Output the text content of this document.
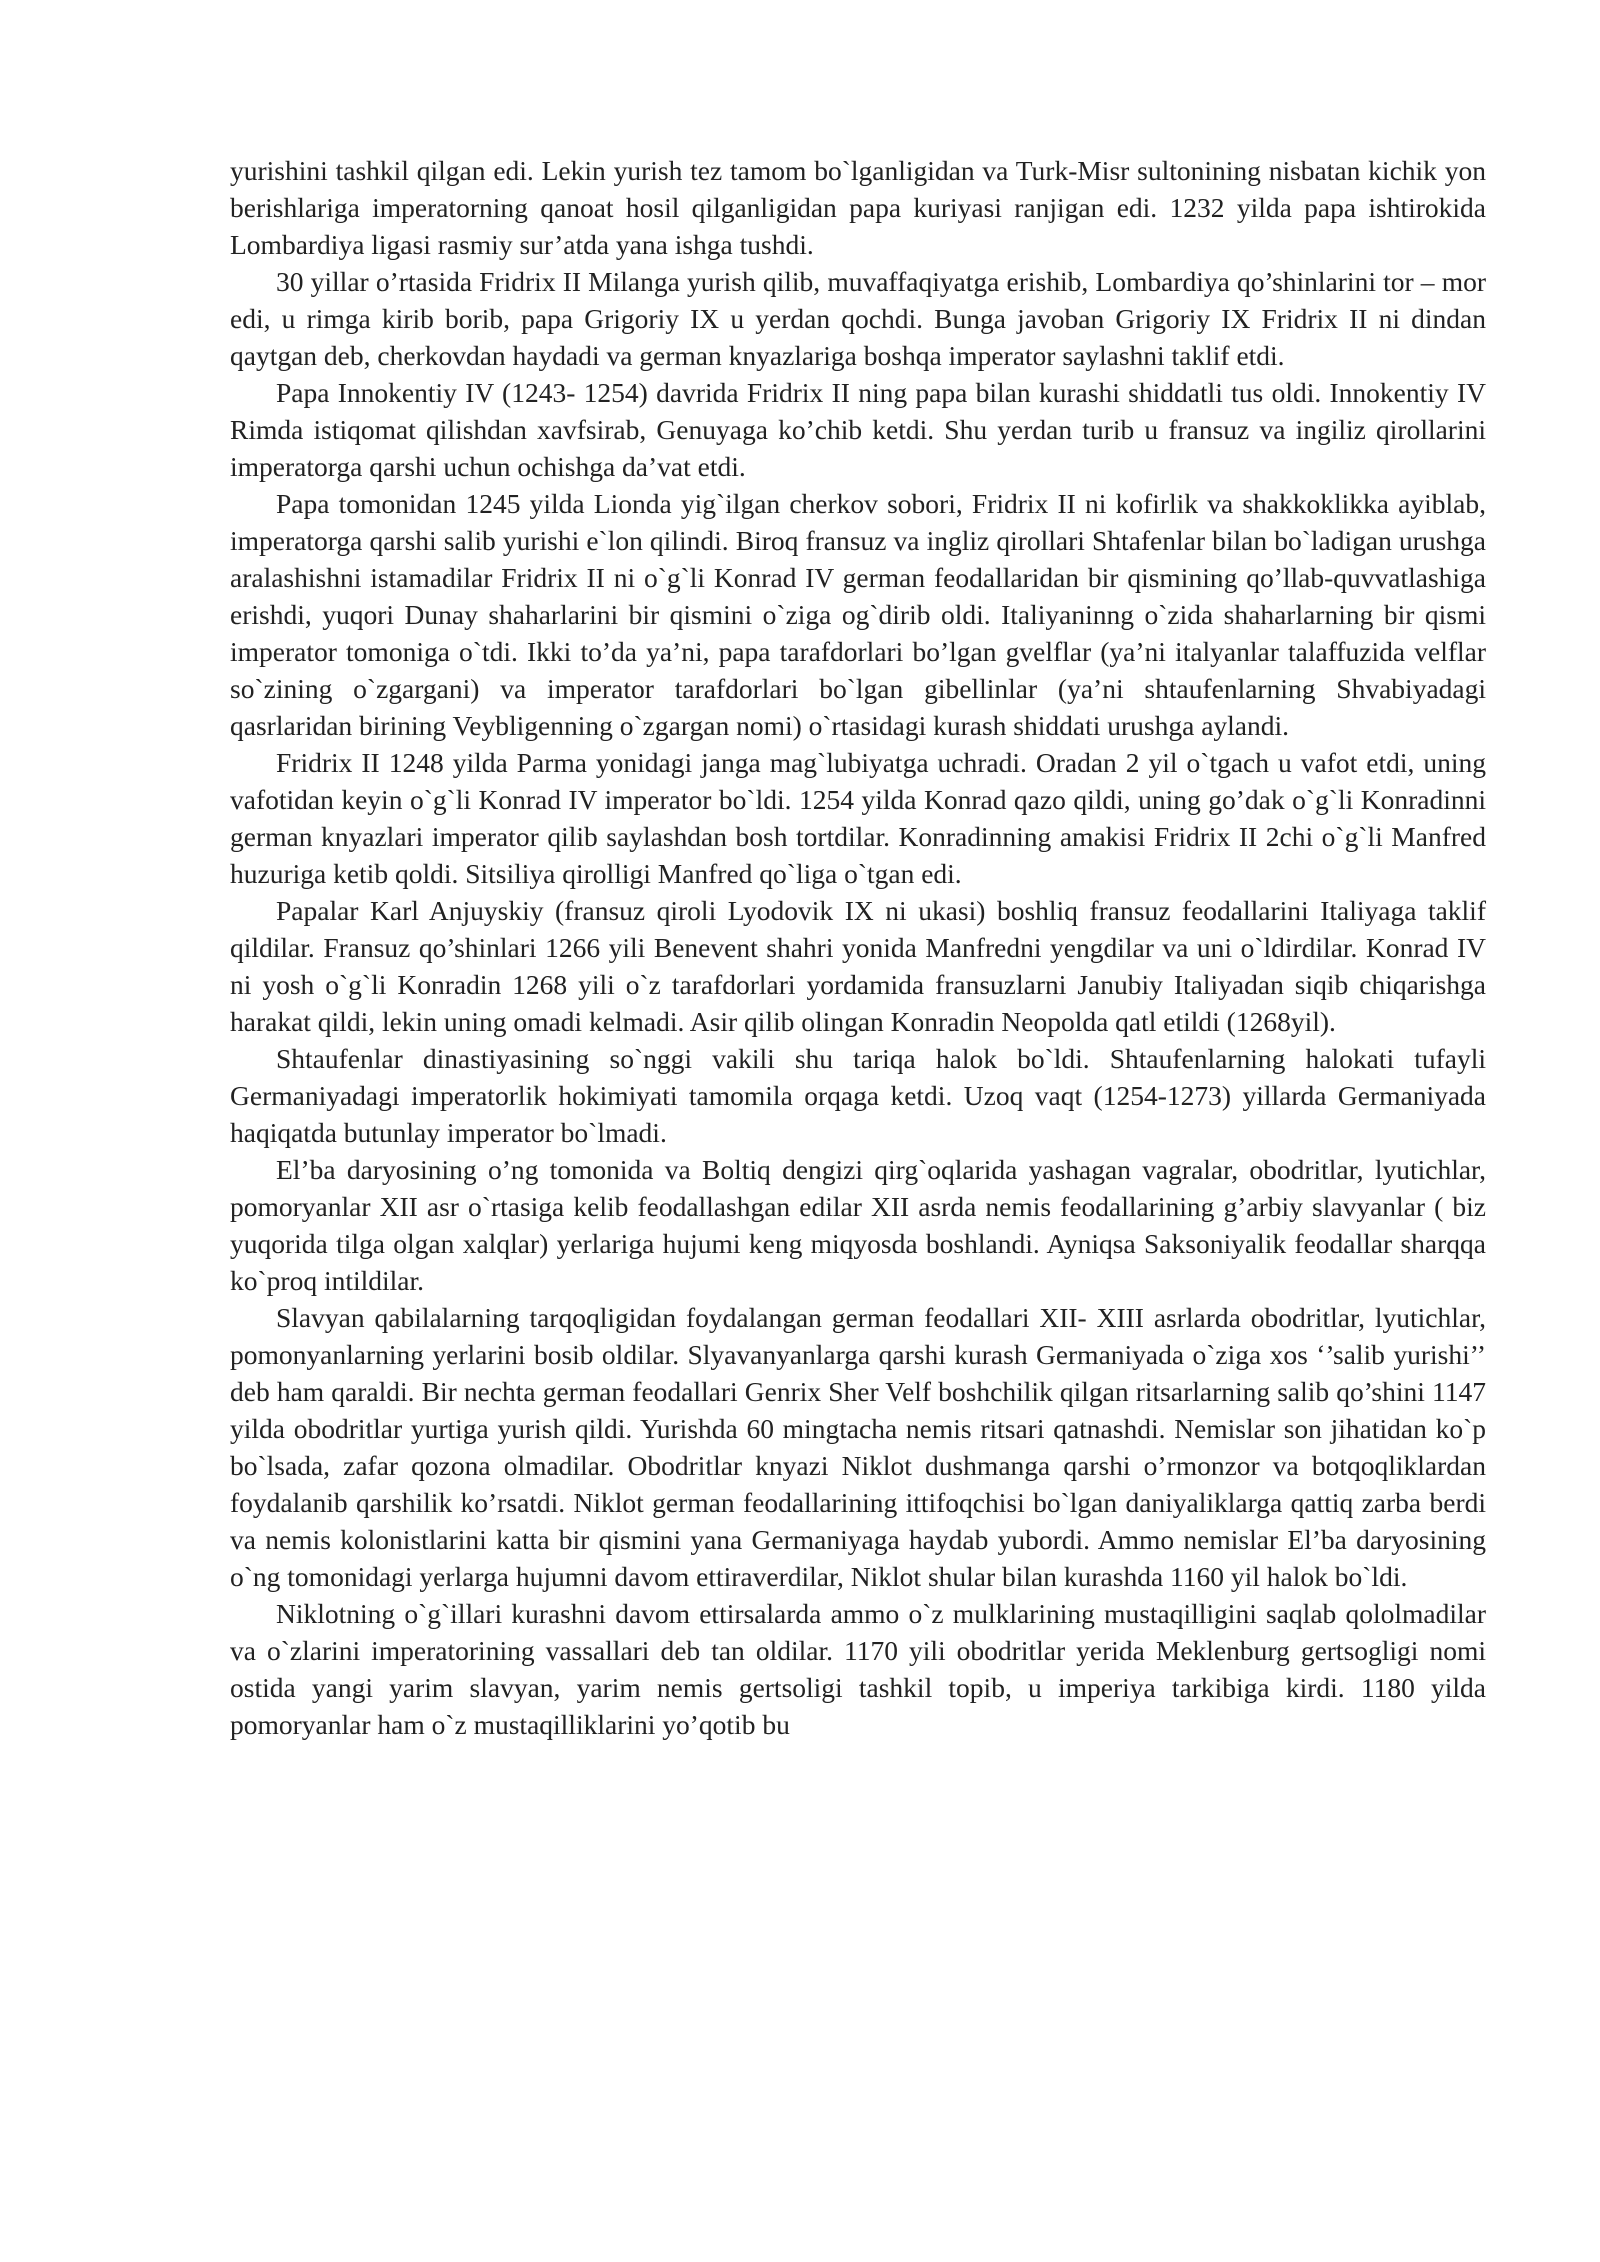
yurishini tashkil qilgan edi. Lekin yurish tez tamom bo`lganligidan va Turk-Misr sultonining nisbatan kichik yon berishlariga imperatorning qanoat hosil qilganligidan papa kuriyasi ranjigan edi. 1232 yilda papa ishtirokida Lombardiya ligasi rasmiy sur’atda yana ishga tushdi.

30 yillar o’rtasida Fridrix II Milanga yurish qilib, muvaffaqiyatga erishib, Lombardiya qo’shinlarini tor – mor edi, u rimga kirib borib, papa Grigoriy IX u yerdan qochdi. Bunga javoban Grigoriy IX Fridrix II ni dindan qaytgan deb, cherkovdan haydadi va german knyazlariga boshqa imperator saylashni taklif etdi.

Papa Innokentiy IV (1243- 1254) davrida Fridrix II ning papa bilan kurashi shiddatli tus oldi. Innokentiy IV Rimda istiqomat qilishdan xavfsirab, Genuyaga ko’chib ketdi. Shu yerdan turib u fransuz va ingiliz qirollarini imperatorga qarshi uchun ochishga da’vat etdi.

Papa tomonidan 1245 yilda Lionda yig`ilgan cherkov sobori, Fridrix II ni kofirlik va shakkoklikka ayiblab, imperatorga qarshi salib yurishi e`lon qilindi. Biroq fransuz va ingliz qirollari Shtafenlar bilan bo`ladigan urushga aralashishni istamadilar Fridrix II ni o`g`li Konrad IV german feodallaridan bir qismining qo’llab-quvvatlashiga erishdi, yuqori Dunay shaharlarini bir qismini o`ziga og`dirib oldi. Italiyaninng o`zida shaharlarning bir qismi imperator tomoniga o`tdi. Ikki to’da ya’ni, papa tarafdorlari bo’lgan gvelflar (ya’ni italyanlar talaffuzida velflar so`zining o`zgargani) va imperator tarafdorlari bo`lgan gibellinlar (ya’ni shtaufenlarning Shvabiyadagi qasrlaridan birining Veybligenning o`zgargan nomi) o`rtasidagi kurash shiddati urushga aylandi.

Fridrix II 1248 yilda Parma yonidagi janga mag`lubiyatga uchradi. Oradan 2 yil o`tgach u vafot etdi, uning vafotidan keyin o`g`li Konrad IV imperator bo`ldi. 1254 yilda Konrad qazo qildi, uning go’dak o`g`li Konradinni german knyazlari imperator qilib saylashdan bosh tortdilar. Konradinning amakisi Fridrix II 2chi o`g`li Manfred huzuriga ketib qoldi. Sitsiliya qirolligi Manfred qo`liga o`tgan edi.

Papalar Karl Anjuyskiy (fransuz qiroli Lyodovik IX ni ukasi) boshliq fransuz feodallarini Italiyaga taklif qildilar. Fransuz qo’shinlari 1266 yili Benevent shahri yonida Manfredni yengdilar va uni o`ldirdilar. Konrad IV ni yosh o`g`li Konradin 1268 yili o`z tarafdorlari yordamida fransuzlarni Janubiy Italiyadan siqib chiqarishga harakat qildi, lekin uning omadi kelmadi. Asir qilib olingan Konradin Neopolda qatl etildi (1268yil).

Shtaufenlar dinastiyasining so`nggi vakili shu tariqa halok bo`ldi. Shtaufenlarning halokati tufayli Germaniyadagi imperatorlik hokimiyati tamomila orqaga ketdi. Uzoq vaqt (1254-1273) yillarda Germaniyada haqiqatda butunlay imperator bo`lmadi.

El’ba daryosining o’ng tomonida va Boltiq dengizi qirg`oqlarida yashagan vagralar, obodritlar, lyutichlar, pomoryanlar XII asr o`rtasiga kelib feodallashgan edilar XII asrda nemis feodallarining g’arbiy slavyanlar ( biz yuqorida tilga olgan xalqlar) yerlariga hujumi keng miqyosda boshlandi. Ayniqsa Saksoniyalik feodallar sharqqa ko`proq intildilar.

Slavyan qabilalarning tarqoqligidan foydalangan german feodallari XII- XIII asrlarda obodritlar, lyutichlar, pomonyanlarning yerlarini bosib oldilar. Slyavanyanlarga qarshi kurash Germaniyada o`ziga xos ‘’salib yurishi’’ deb ham qaraldi. Bir nechta german feodallari Genrix Sher Velf boshchilik qilgan ritsarlarning salib qo’shini 1147 yilda obodritlar yurtiga yurish qildi. Yurishda 60 mingtacha nemis ritsari qatnashdi. Nemislar son jihatidan ko`p bo`lsada, zafar qozona olmadilar. Obodritlar knyazi Niklot dushmanga qarshi o’rmonzor va botqoqliklardan foydalanib qarshilik ko’rsatdi. Niklot german feodallarining ittifoqchisi bo`lgan daniyaliklarga qattiq zarba berdi va nemis kolonistlarini katta bir qismini yana Germaniyaga haydab yubordi. Ammo nemislar El’ba daryosining o`ng tomonidagi yerlarga hujumni davom ettiraverdilar, Niklot shular bilan kurashda 1160 yil halok bo`ldi.

Niklotning o`g`illari kurashni davom ettirsalarda ammo o`z mulklarining mustaqilligini saqlab qololmadilar va o`zlarini imperatorining vassallari deb tan oldilar. 1170 yili obodritlar yerida Meklenburg gertsogligi nomi ostida yangi yarim slavyan, yarim nemis gertsoligi tashkil topib, u imperiya tarkibiga kirdi. 1180 yilda pomoryanlar ham o`z mustaqilliklarini yo’qotib bu
